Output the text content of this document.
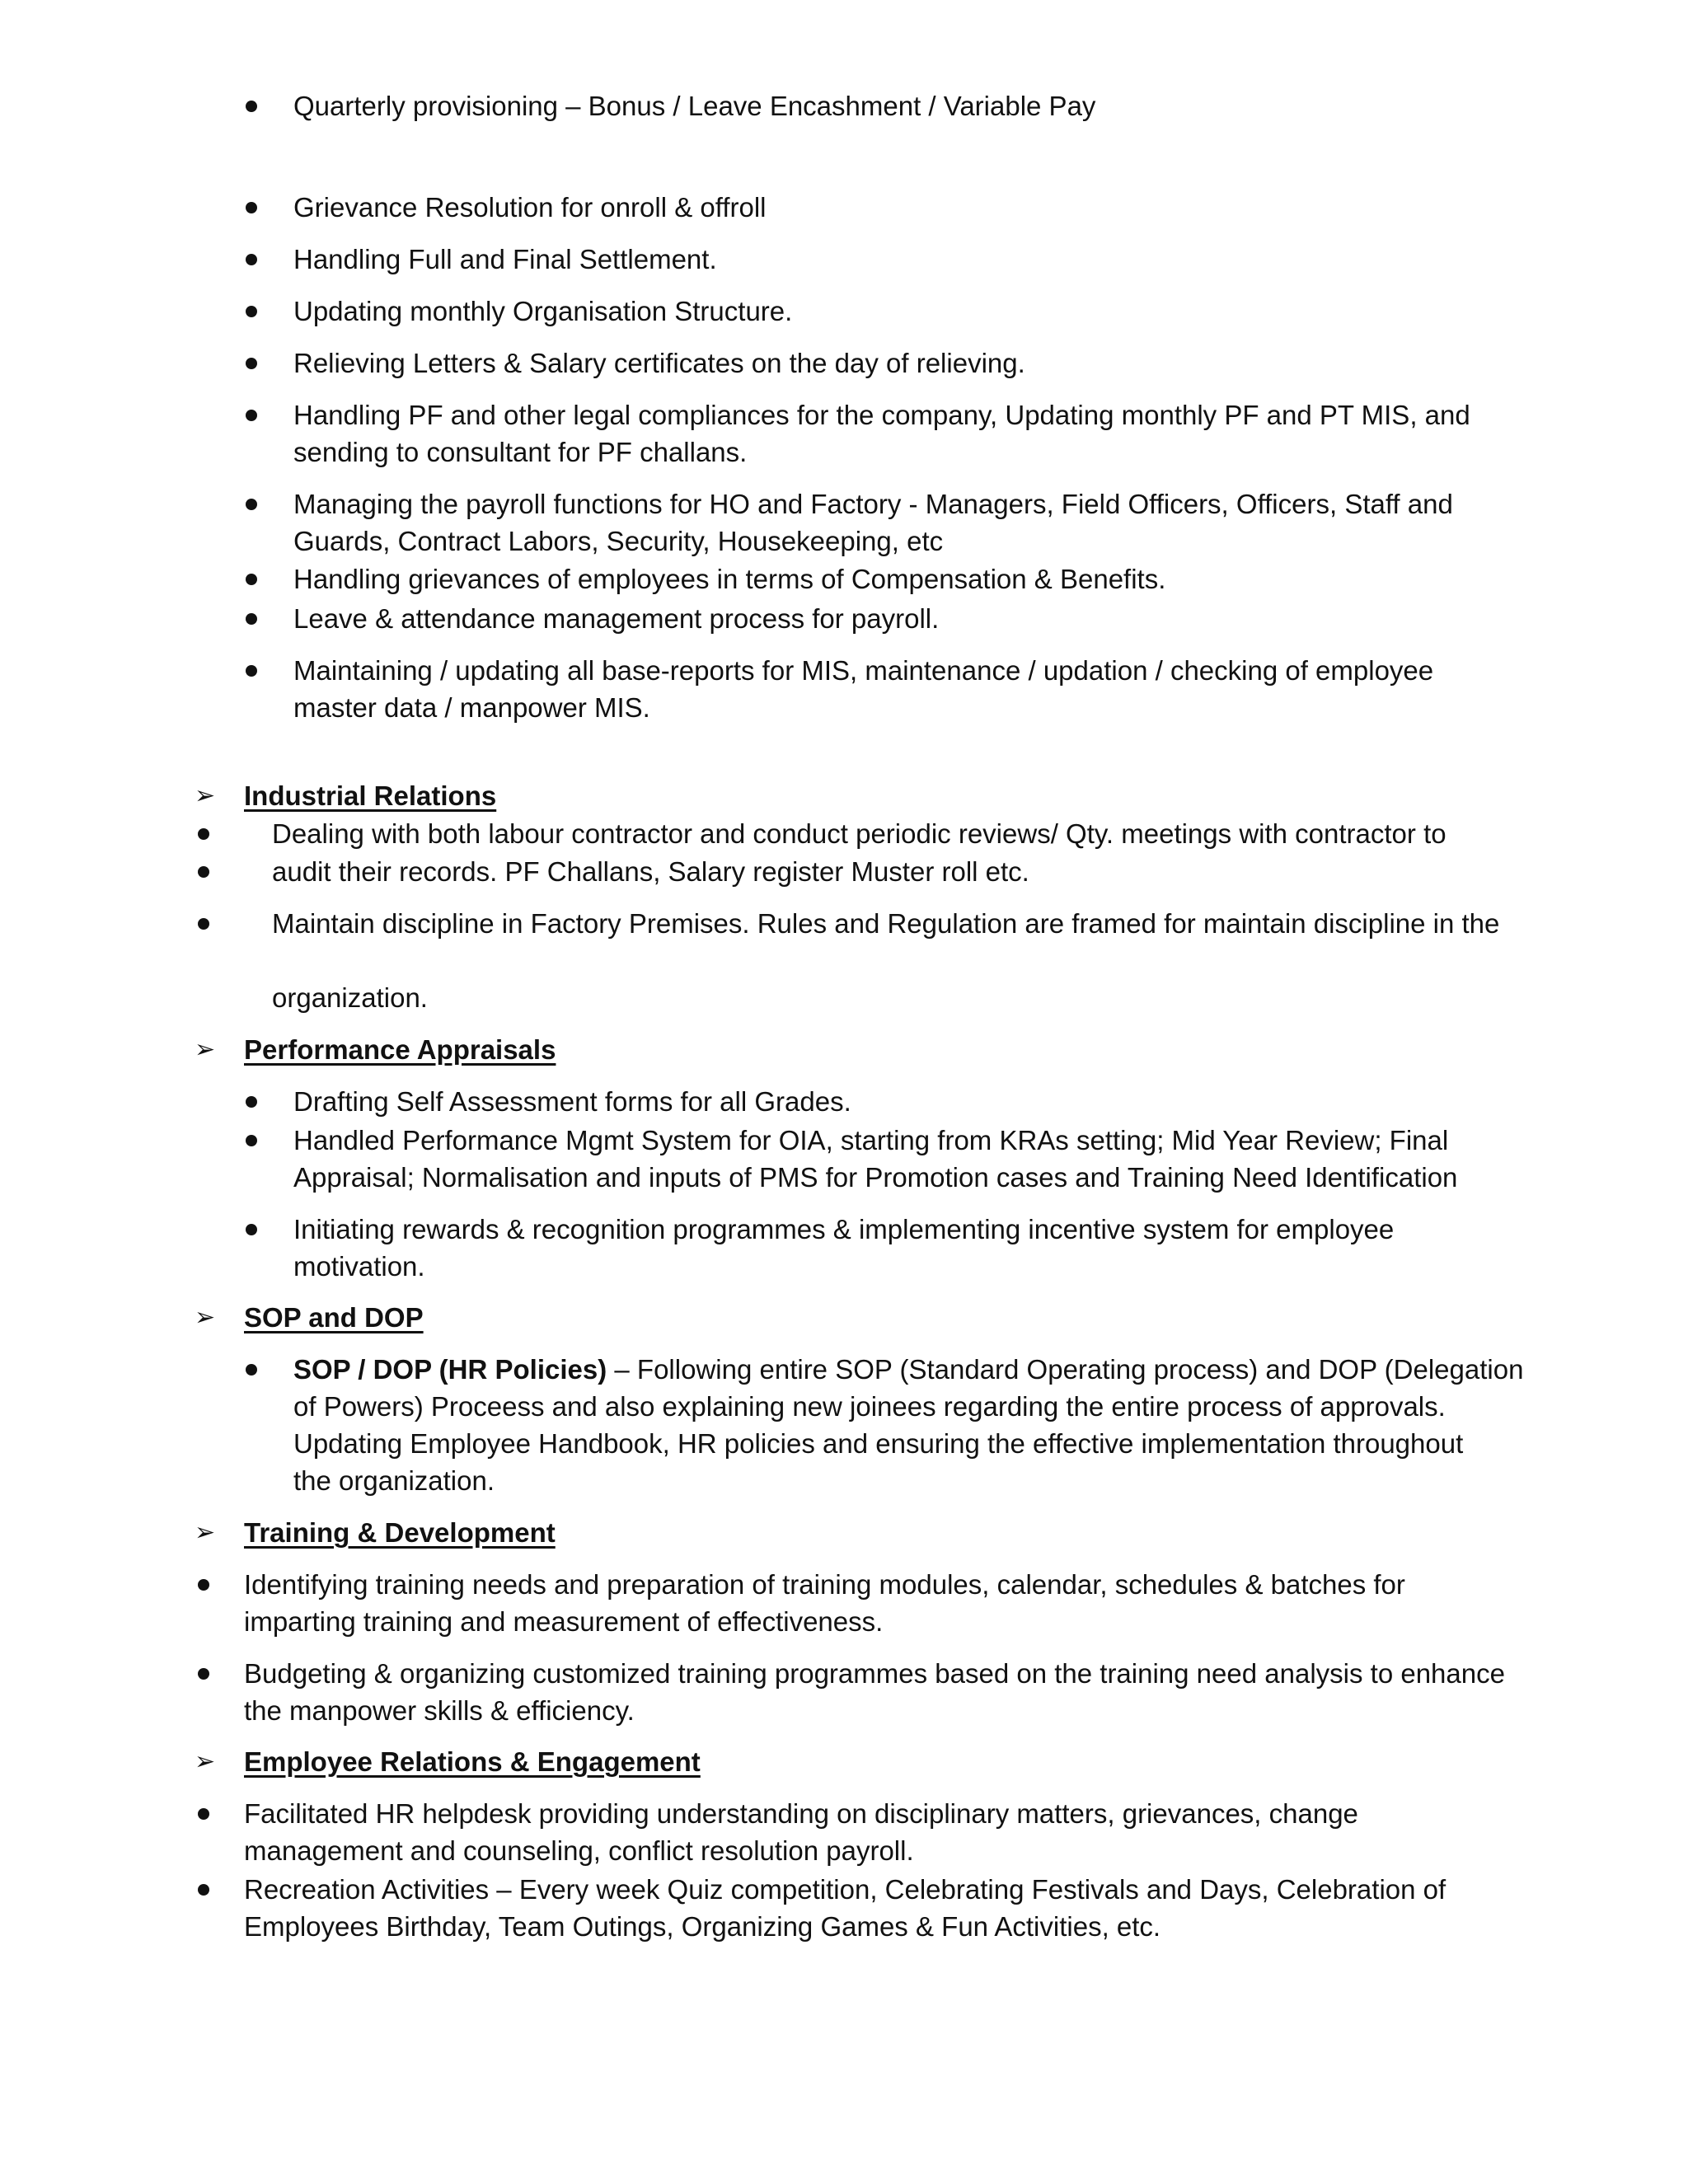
Quarterly provisioning – Bonus / Leave Encashment / Variable Pay
Grievance Resolution for onroll & offroll
Handling Full and Final Settlement.
Updating monthly Organisation Structure.
Relieving Letters & Salary certificates on the day of relieving.
Handling PF and other legal compliances for the company, Updating monthly PF and PT MIS, and
sending to consultant for PF challans.
Managing the payroll functions for HO and Factory - Managers, Field Officers, Officers, Staff and
Guards, Contract Labors, Security, Housekeeping, etc
Handling grievances of employees in terms of Compensation & Benefits.
Leave & attendance management process for payroll.
Maintaining / updating all base-reports for MIS, maintenance / updation / checking of employee
master data / manpower MIS.
➢ Industrial Relations
Dealing with both labour contractor and conduct periodic reviews/ Qty. meetings with contractor to
audit their records. PF Challans, Salary register Muster roll etc.
Maintain discipline in Factory Premises. Rules and Regulation are framed for maintain discipline in the
organization.
➢ Performance Appraisals
Drafting Self Assessment forms for all Grades.
Handled Performance Mgmt System for OIA, starting from KRAs setting; Mid Year Review; Final
Appraisal; Normalisation and inputs of PMS for Promotion cases and Training Need Identification
Initiating rewards & recognition programmes & implementing incentive system for employee
motivation.
➢ SOP and DOP
SOP / DOP (HR Policies) – Following entire SOP (Standard Operating process) and DOP (Delegation
of Powers) Proceess and also explaining new joinees regarding the entire process of approvals.
Updating Employee Handbook, HR policies and ensuring the effective implementation throughout
the organization.
➢ Training & Development
Identifying training needs and preparation of training modules, calendar, schedules & batches for
imparting training and measurement of effectiveness.
Budgeting & organizing customized training programmes based on the training need analysis to enhance
the manpower skills & efficiency.
➢ Employee Relations & Engagement
Facilitated HR helpdesk providing understanding on disciplinary matters, grievances, change
management and counseling, conflict resolution payroll.
Recreation Activities – Every week Quiz competition, Celebrating Festivals and Days, Celebration of
Employees Birthday, Team Outings, Organizing Games & Fun Activities, etc.
